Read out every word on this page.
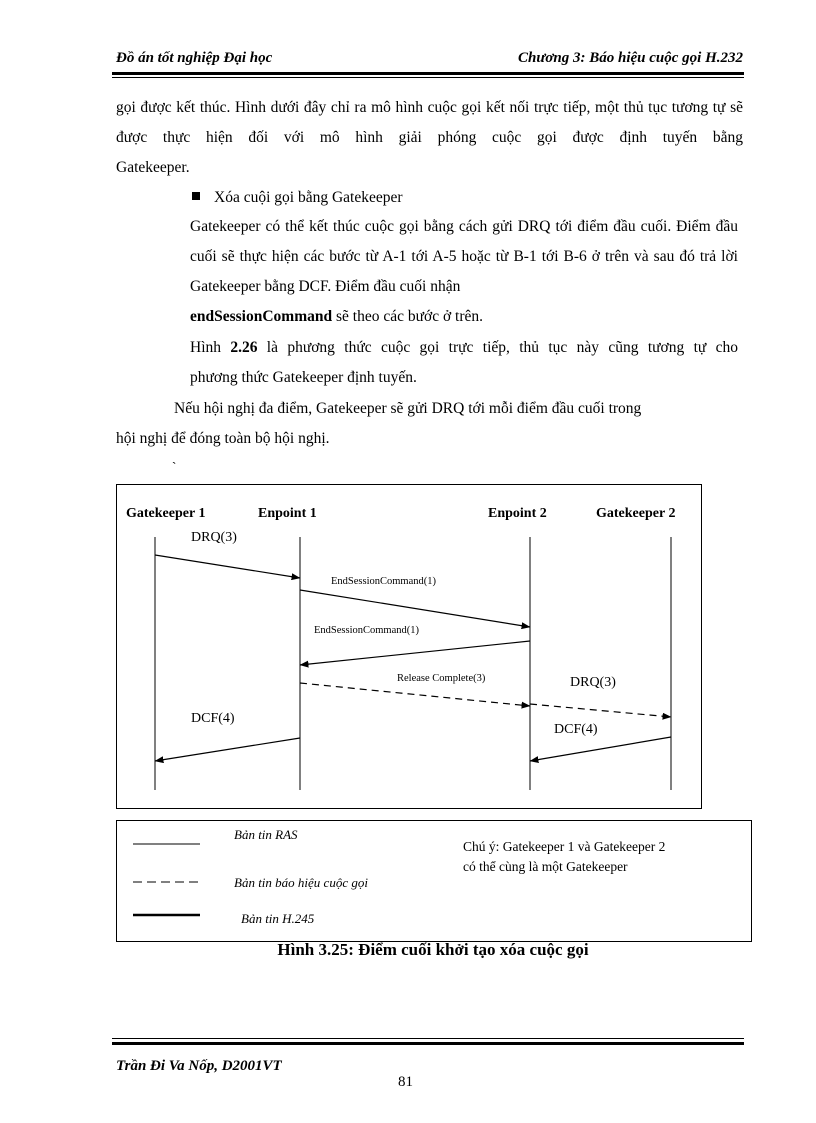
Đồ án tốt nghiệp Đại học	Chương 3: Báo hiệu cuộc gọi H.232
gọi được kết thúc. Hình dưới đây chỉ ra mô hình cuộc gọi kết nối trực tiếp, một thủ tục tương tự sẽ được thực hiện đối với mô hình giải phóng cuộc gọi được định tuyến bằng
Gatekeeper.
Xóa cuội gọi bằng Gatekeeper
Gatekeeper có thể kết thúc cuộc gọi bằng cách gửi DRQ tới điểm đầu cuối. Điểm đầu cuối sẽ thực hiện các bước từ A-1 tới A-5 hoặc từ B-1 tới B-6 ở trên và sau đó trả lời Gatekeeper bằng DCF. Điểm đầu cuối nhận
endSessionCommand sẽ theo các bước ở trên.
Hình 2.26 là phương thức cuộc gọi trực tiếp, thủ tục này cũng tương tự cho
phương thức Gatekeeper định tuyến.
Nếu hội nghị đa điểm, Gatekeeper sẽ gửi DRQ tới mỗi điểm đầu cuối trong
hội nghị để đóng toàn bộ hội nghị.
`
Gatekeeper 1	Enpoint 1	Enpoint 2	Gatekeeper 2
DRQ(3)
EndSessionCommand(1)
EndSessionCommand(1)
Release Complete(3)	DRQ(3)
DCF(4)
DCF(4)
Bản tin RAS
Bản tin báo hiệu cuộc gọi
Bản tin H.245
Chú ý: Gatekeeper 1 và Gatekeeper 2
có thể cùng là một Gatekeeper
Hình 3.25: Điểm cuối khởi tạo xóa cuộc gọi
Trần Đi Va Nốp, D2001VT
81
